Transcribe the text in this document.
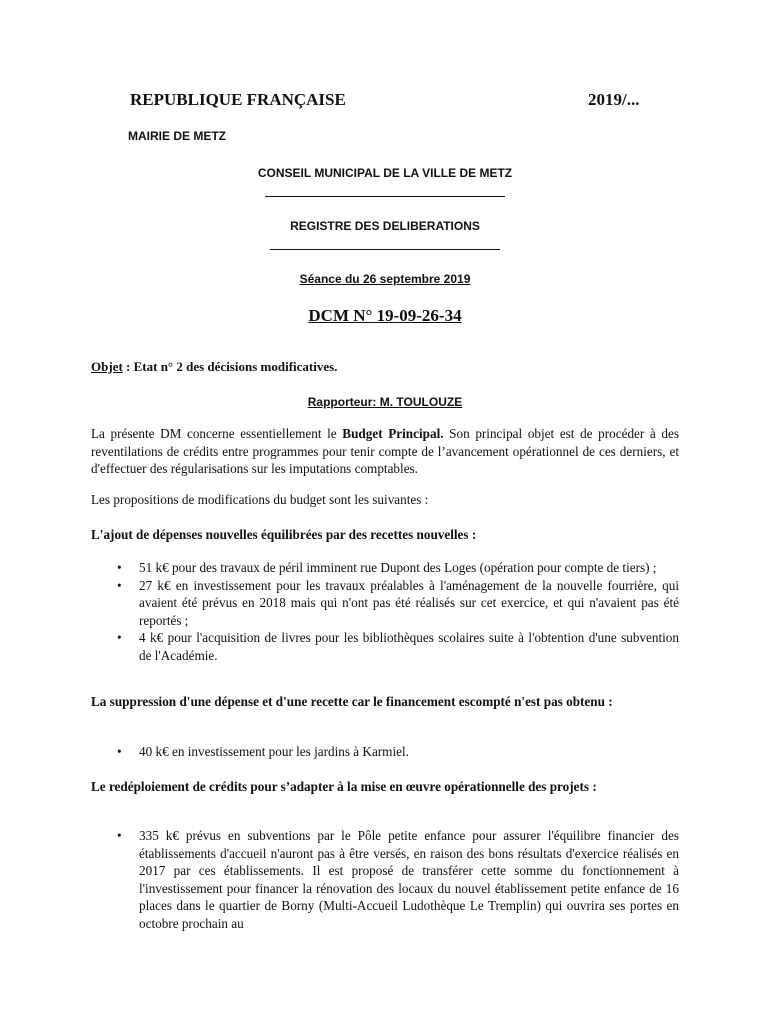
REPUBLIQUE FRANÇAISE	2019/...

MAIRIE DE METZ

CONSEIL MUNICIPAL DE LA VILLE DE METZ

REGISTRE DES DELIBERATIONS

Séance du 26 septembre 2019

DCM N° 19-09-26-34

Objet : Etat n° 2 des décisions modificatives.

Rapporteur: M. TOULOUZE

La présente DM concerne essentiellement le Budget Principal. Son principal objet est de procéder à des reventilations de crédits entre programmes pour tenir compte de l’avancement opérationnel de ces derniers, et d'effectuer des régularisations sur les imputations comptables.

Les propositions de modifications du budget sont les suivantes :

L'ajout de dépenses nouvelles équilibrées par des recettes nouvelles :

• 51 k€ pour des travaux de péril imminent rue Dupont des Loges (opération pour compte de tiers) ;
• 27 k€ en investissement pour les travaux préalables à l'aménagement de la nouvelle fourrière, qui avaient été prévus en 2018 mais qui n'ont pas été réalisés sur cet exercice, et qui n'avaient pas été reportés ;
• 4 k€ pour l'acquisition de livres pour les bibliothèques scolaires suite à l'obtention d'une subvention de l'Académie.

La suppression d'une dépense et d'une recette car le financement escompté n'est pas obtenu :

• 40 k€ en investissement pour les jardins à Karmiel.

Le redéploiement de crédits pour s’adapter à la mise en œuvre opérationnelle des projets :

• 335 k€ prévus en subventions par le Pôle petite enfance pour assurer l'équilibre financier des établissements d'accueil n'auront pas à être versés, en raison des bons résultats d'exercice réalisés en 2017 par ces établissements. Il est proposé de transférer cette somme du fonctionnement à l'investissement pour financer la rénovation des locaux du nouvel établissement petite enfance de 16 places dans le quartier de Borny (Multi-Accueil Ludothèque Le Tremplin) qui ouvrira ses portes en octobre prochain au
